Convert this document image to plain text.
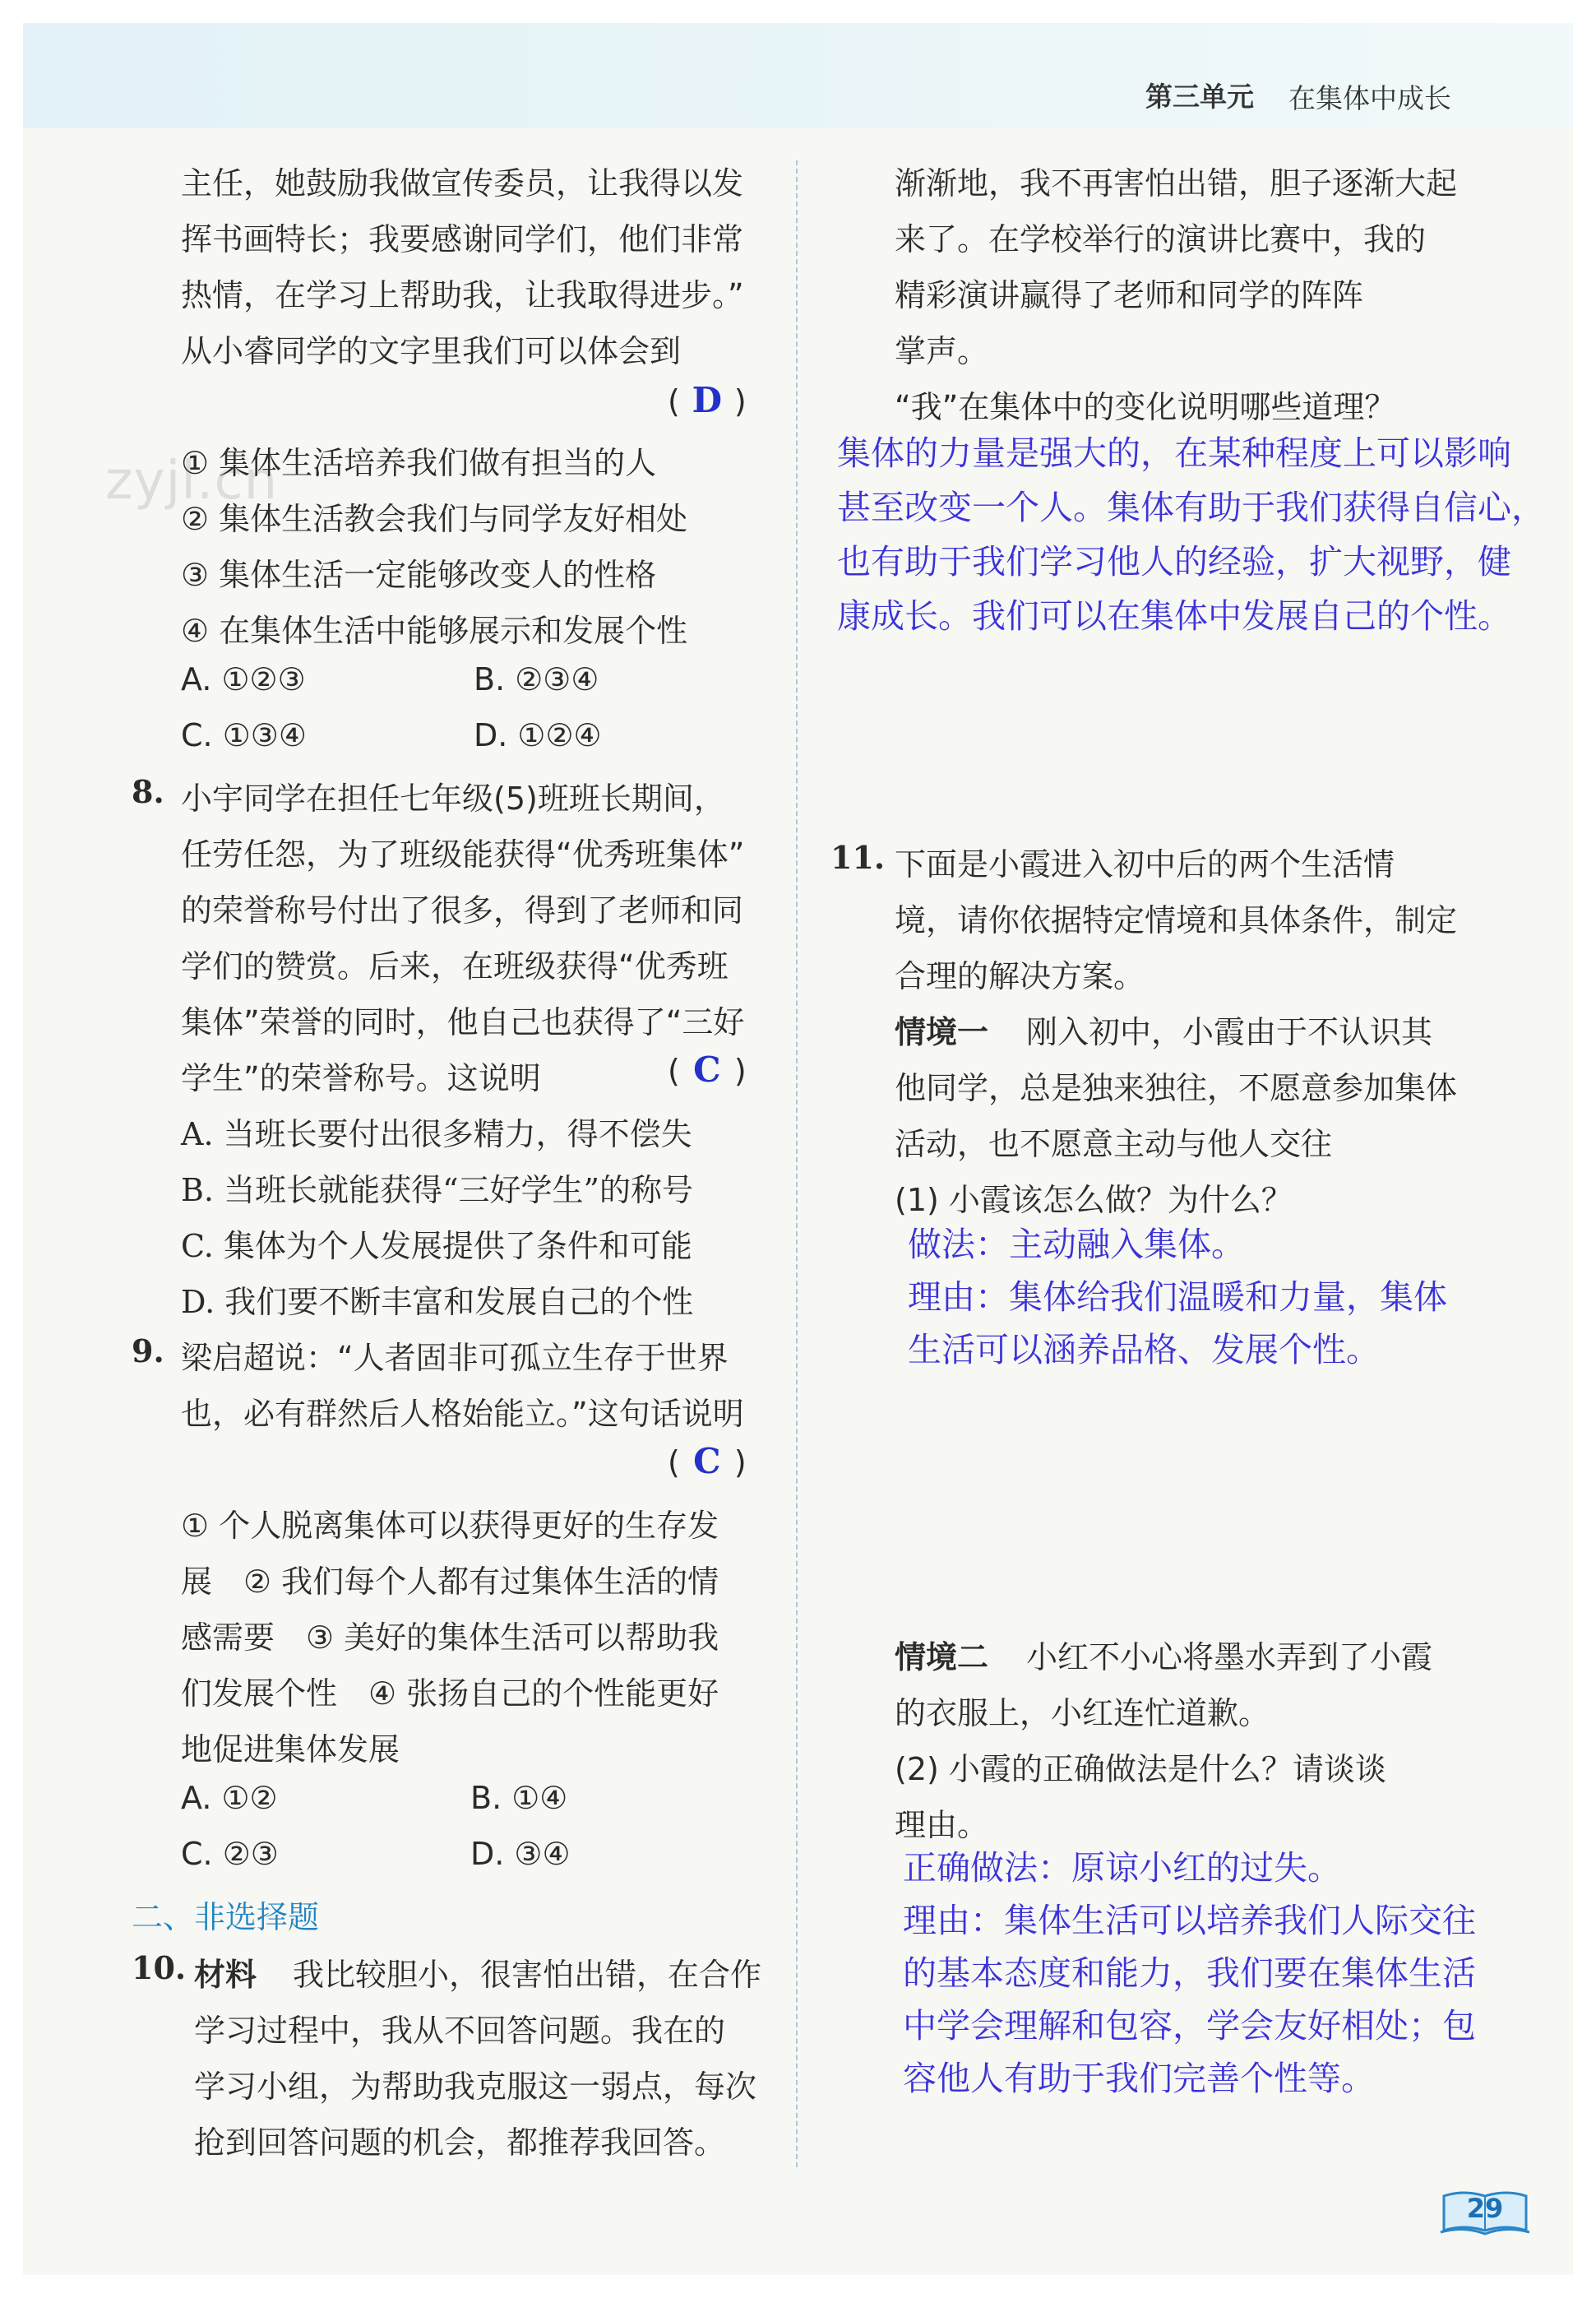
第三单元 在集体中成长
zyjl.cn
主任，她鼓励我做宣传委员，让我得以发
挥书画特长；我要感谢同学们，他们非常
热情，在学习上帮助我，让我取得进步。”
从小睿同学的文字里我们可以体会到
( D )
① 集体生活培养我们做有担当的人
② 集体生活教会我们与同学友好相处
③ 集体生活一定能够改变人的性格
④ 在集体生活中能够展示和发展个性
A. ①②③	B. ②③④
C. ①③④	D. ①②④
8. 小宇同学在担任七年级(5)班班长期间，
任劳任怨，为了班级能获得“优秀班集体”
的荣誉称号付出了很多，得到了老师和同
学们的赞赏。后来，在班级获得“优秀班
集体”荣誉的同时，他自己也获得了“三好
学生”的荣誉称号。这说明	( C )
A. 当班长要付出很多精力，得不偿失
B. 当班长就能获得“三好学生”的称号
C. 集体为个人发展提供了条件和可能
D. 我们要不断丰富和发展自己的个性
9. 梁启超说：“人者固非可孤立生存于世界
也，必有群然后人格始能立。”这句话说明
( C )
① 个人脱离集体可以获得更好的生存发
展　② 我们每个人都有过集体生活的情
感需要　③ 美好的集体生活可以帮助我
们发展个性　④ 张扬自己的个性能更好
地促进集体发展
A. ①②	B. ①④
C. ②③	D. ③④
二、非选择题
10. 材料 我比较胆小，很害怕出错，在合作
学习过程中，我从不回答问题。我在的
学习小组，为帮助我克服这一弱点，每次
抢到回答问题的机会，都推荐我回答。
渐渐地，我不再害怕出错，胆子逐渐大起
来了。在学校举行的演讲比赛中，我的
精彩演讲赢得了老师和同学的阵阵
掌声。
“我”在集体中的变化说明哪些道理？
集体的力量是强大的，在某种程度上可以影响
甚至改变一个人。集体有助于我们获得自信心，
也有助于我们学习他人的经验，扩大视野，健
康成长。我们可以在集体中发展自己的个性。
11. 下面是小霞进入初中后的两个生活情
境，请你依据特定情境和具体条件，制定
合理的解决方案。
情境一 刚入初中，小霞由于不认识其
他同学，总是独来独往，不愿意参加集体
活动，也不愿意主动与他人交往
(1) 小霞该怎么做？为什么？
做法：主动融入集体。
理由：集体给我们温暖和力量，集体
生活可以涵养品格、发展个性。
情境二 小红不小心将墨水弄到了小霞
的衣服上，小红连忙道歉。
(2) 小霞的正确做法是什么？请谈谈
理由。
正确做法：原谅小红的过失。
理由：集体生活可以培养我们人际交往
的基本态度和能力，我们要在集体生活
中学会理解和包容，学会友好相处；包
容他人有助于我们完善个性等。
29
